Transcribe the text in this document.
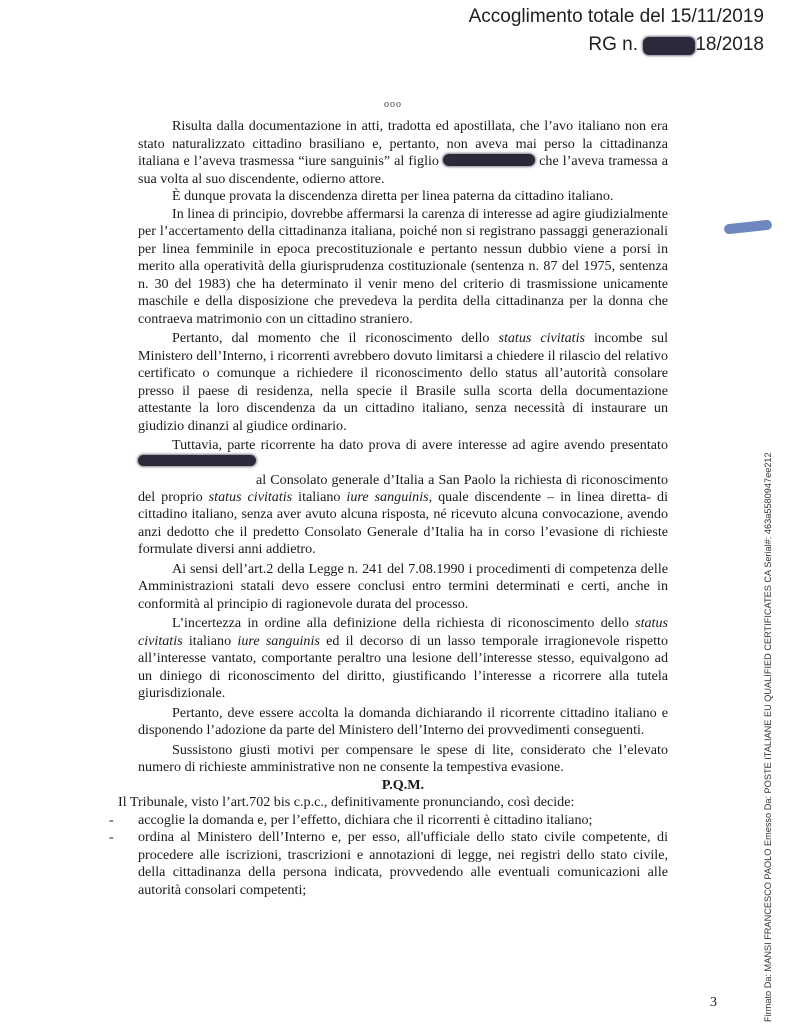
Accoglimento totale del 15/11/2019
RG n.	18/2018
ooo

Risulta dalla documentazione in atti, tradotta ed apostillata, che l’avo italiano non era stato naturalizzato cittadino brasiliano e, pertanto, non aveva mai perso la cittadinanza italiana e l’aveva trasmessa “iure sanguinis” al figlio	che l’aveva tramessa a sua volta al suo discendente, odierno attore.

È dunque provata la discendenza diretta per linea paterna da cittadino italiano.

In linea di principio, dovrebbe affermarsi la carenza di interesse ad agire giudizialmente per l’accertamento della cittadinanza italiana, poiché non si registrano passaggi generazionali per linea femminile in epoca precostituzionale e pertanto nessun dubbio viene a porsi in merito alla operatività della giurisprudenza costituzionale (sentenza n. 87 del 1975, sentenza n. 30 del 1983) che ha determinato il venir meno del criterio di trasmissione unicamente maschile e della disposizione che prevedeva la perdita della cittadinanza per la donna che contraeva matrimonio con un cittadino straniero.

Pertanto, dal momento che il riconoscimento dello status civitatis incombe sul Ministero dell’Interno, i ricorrenti avrebbero dovuto limitarsi a chiedere il rilascio del relativo certificato o comunque a richiedere il riconoscimento dello status all’autorità consolare presso il paese di residenza, nella specie il Brasile sulla scorta della documentazione attestante la loro discendenza da un cittadino italiano, senza necessità di instaurare un giudizio dinanzi al giudice ordinario.

Tuttavia, parte ricorrente ha dato prova di avere interesse ad agire avendo presentato al Consolato generale d’Italia a San Paolo la richiesta di riconoscimento del proprio status civitatis italiano iure sanguinis, quale discendente – in linea diretta- di cittadino italiano, senza aver avuto alcuna risposta, né ricevuto alcuna convocazione, avendo anzi dedotto che il predetto Consolato Generale d’Italia ha in corso l’evasione di richieste formulate diversi anni addietro.

Ai sensi dell’art.2 della Legge n. 241 del 7.08.1990 i procedimenti di competenza delle Amministrazioni statali devo essere conclusi entro termini determinati e certi, anche in conformità al principio di ragionevole durata del processo.

L’incertezza in ordine alla definizione della richiesta di riconoscimento dello status civitatis italiano iure sanguinis ed il decorso di un lasso temporale irragionevole rispetto all’interesse vantato, comportante peraltro una lesione dell’interesse stesso, equivalgono ad un diniego di riconoscimento del diritto, giustificando l’interesse a ricorrere alla tutela giurisdizionale.

Pertanto, deve essere accolta la domanda dichiarando il ricorrente cittadino italiano e disponendo l’adozione da parte del Ministero dell’Interno dei provvedimenti conseguenti.

Sussistono giusti motivi per compensare le spese di lite, considerato che l’elevato numero di richieste amministrative non ne consente la tempestiva evasione.

P.Q.M.

Il Tribunale, visto l’art.702 bis c.p.c., definitivamente pronunciando, così decide:

- accoglie la domanda e, per l’effetto, dichiara che il ricorrenti è cittadino italiano;
- ordina al Ministero dell’Interno e, per esso, all'ufficiale dello stato civile competente, di procedere alle iscrizioni, trascrizioni e annotazioni di legge, nei registri dello stato civile, della cittadinanza della persona indicata, provvedendo alle eventuali comunicazioni alle autorità consolari competenti;
3	Firmato Da: MANSI FRANCESCO PAOLO Emesso Da: POSTE ITALIANE EU QUALIFIED CERTIFICATES CA Serial#: 463a5580947ee212
